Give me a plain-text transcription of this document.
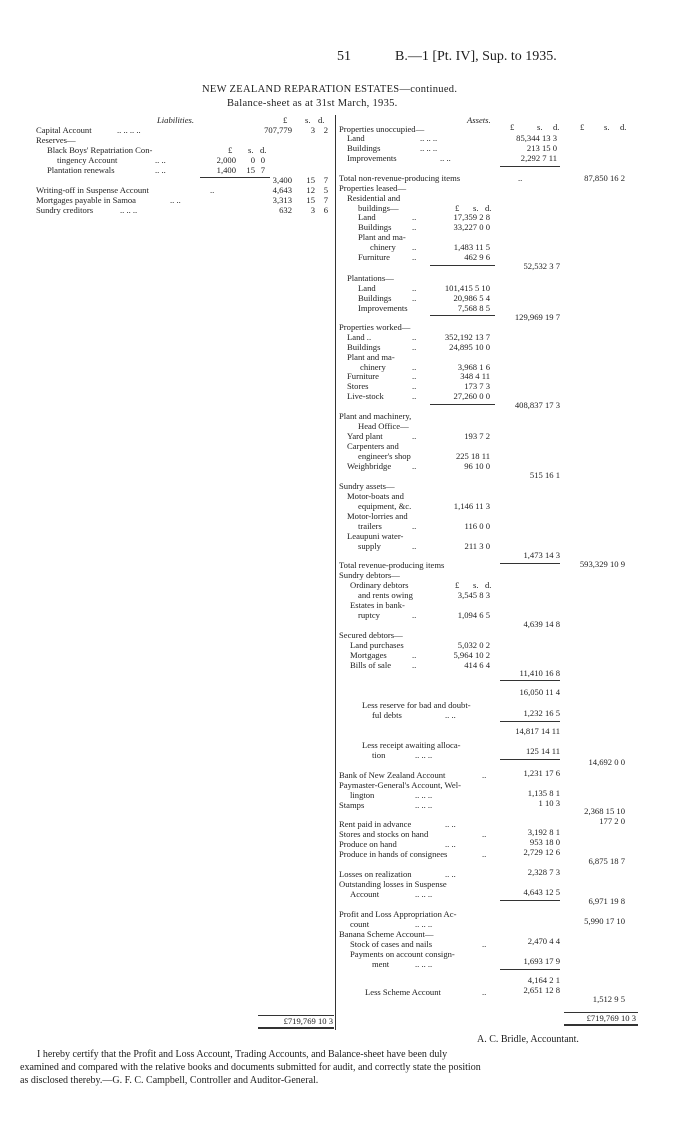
51	B.—1 [Pt. IV], Sup. to 1935.
NEW ZEALAND REPARATION ESTATES—continued.
Balance-sheet as at 31st March, 1935.
Liabilities.	£ s. d.
Capital Account	.. .. .. ..	707,779 3 2
Reserves—
Black Boys' Repatriation Con-	£ s. d.
tingency Account	.. ..	2,000 0 0
Plantation renewals	.. ..	1,400 15 7
3,400 15 7
Writing-off in Suspense Account	..	4,643 12 5
Mortgages payable in Samoa	.. ..	3,313 15 7
Sundry creditors	.. .. ..	632 3 6
£719,769 10 3
Assets.
£	s. d. £ s. d.
Properties unoccupied—
Land	.. .. ..	85,344 13 3
Buildings	.. .. ..	213 15 0
Improvements	.. ..	2,292 7 11
Total non-revenue-producing items	..	87,850 16 2
Properties leased—
Residential and
buildings—	£ s. d.
Land	..	17,359 2 8
Buildings ..	33,227 0 0
Plant and ma-
chinery ..	1,483 11 5
Furniture	..	462 9 6
52,532 3 7
Plantations—
Land	..	101,415 5 10
Buildings ..	20,986 5 4
Improvements	7,568 8 5
129,969 19 7
Properties worked—
Land ..	..	352,192 13 7
Buildings	..	24,895 10 0
Plant and ma-
chinery	..	3,968 1 6
Furniture	..	348 4 11
Stores	..	173 7 3
Live-stock	..	27,260 0 0
408,837 17 3
Plant and machinery,
Head Office—
Yard plant	..	193 7 2
Carpenters and
engineer's shop	225 18 11
Weighbridge ..	96 10 0
515 16 1
Sundry assets—
Motor-boats and
equipment, &c.	1,146 11 3
Motor-lorries and
trailers	..	116 0 0
Leaupuni water-
supply	..	211 3 0
1,473 14 3
Total revenue-producing items	593,329 10 9
Sundry debtors—
Ordinary debtors	£ s. d.
and rents owing	3,545 8 3
Estates in bank-
ruptcy	..	1,094 6 5
4,639 14 8
Secured debtors—
Land purchases	5,032 0 2
Mortgages	..	5,964 10 2
Bills of sale ..	414 6 4
11,410 16 8
16,050 11 4
Less reserve for bad and doubt-
ful debts	.. ..	1,232 16 5
14,817 14 11
Less receipt awaiting alloca-
tion	.. .. ..	125 14 11
14,692 0 0
Bank of New Zealand Account	..	1,231 17 6
Paymaster-General's Account, Wel-
lington	.. .. ..	1,135 8 1
Stamps	.. .. ..	1 10 3
2,368 15 10
Rent paid in advance	.. ..	177 2 0
Stores and stocks on hand	..	3,192 8 1
Produce on hand	.. ..	953 18 0
Produce in hands of consignees	..	2,729 12 6
6,875 18 7
Losses on realization	.. ..	2,328 7 3
Outstanding losses in Suspense
Account	.. .. ..	4,643 12 5
6,971 19 8
Profit and Loss Appropriation Ac-
count	.. .. ..	5,990 17 10
Banana Scheme Account—
Stock of cases and nails	..	2,470 4 4
Payments on account consign-
ment	.. .. ..	1,693 17 9
4,164 2 1
Less Scheme Account	..	2,651 12 8
1,512 9 5
£719,769 10 3
A. C. Bridle, Accountant.
I hereby certify that the Profit and Loss Account, Trading Accounts, and Balance-sheet have been duly
examined and compared with the relative books and documents submitted for audit, and correctly state the position
as disclosed thereby.—G. F. C. Campbell, Controller and Auditor-General.
